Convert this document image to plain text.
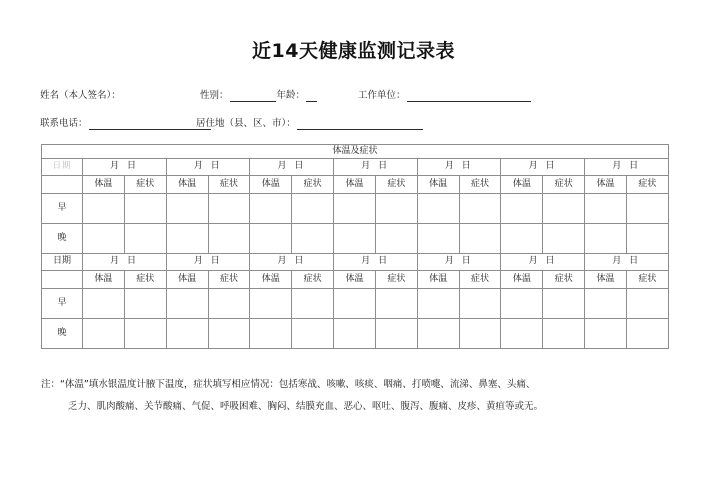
近14天健康监测记录表
姓名（本人签名）：	性别：	年龄：	工作单位：
联系电话：	居住地（县、区、市）：
体温及症状														
日期	月 日		月 日		月 日		月 日		月 日		月 日		月 日	
	体温	症状	体温	症状	体温	症状	体温	症状	体温	症状	体温	症状	体温	症状
早														
晚														
日期	月 日		月 日		月 日		月 日		月 日		月 日		月 日	
	体温	症状	体温	症状	体温	症状	体温	症状	体温	症状	体温	症状	体温	症状
早														
晚														
注：“体温”填水银温度计腋下温度，症状填写相应情况：包括寒战、咳嗽、咳痰、咽痛、打喷嚏、流涕、鼻塞、头痛、
乏力、肌肉酸痛、关节酸痛、气促、呼吸困难、胸闷、结膜充血、恶心、呕吐、腹泻、腹痛、皮疹、黄疸等或无。
